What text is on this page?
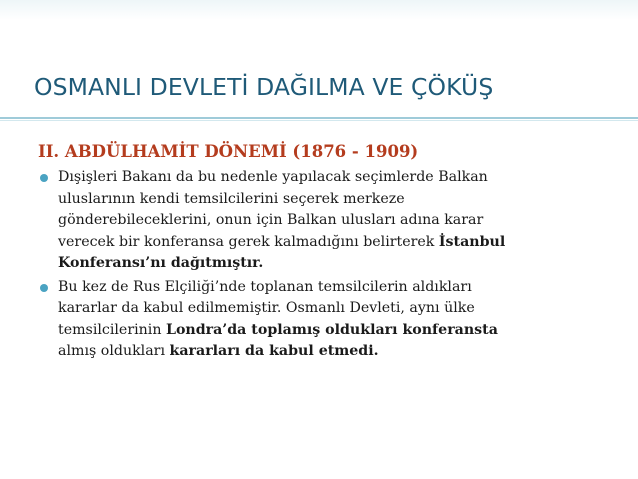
OSMANLI DEVLETİ DAĞILMA VE ÇÖKÜŞ
II. ABDÜLHAMİT DÖNEMİ (1876 - 1909)
Dışişleri Bakanı da bu nedenle yapılacak seçimlerde Balkan
uluslarının kendi temsilcilerini seçerek merkeze
gönderebileceklerini, onun için Balkan ulusları adına karar
verecek bir konferansa gerek kalmadığını belirterek İstanbul
Konferansı’nı dağıtmıştır.
Bu kez de Rus Elçiliği’nde toplanan temsilcilerin aldıkları
kararlar da kabul edilmemiştir. Osmanlı Devleti, aynı ülke
temsilcilerinin Londra’da toplamış oldukları konferansta
almış oldukları kararları da kabul etmedi.
